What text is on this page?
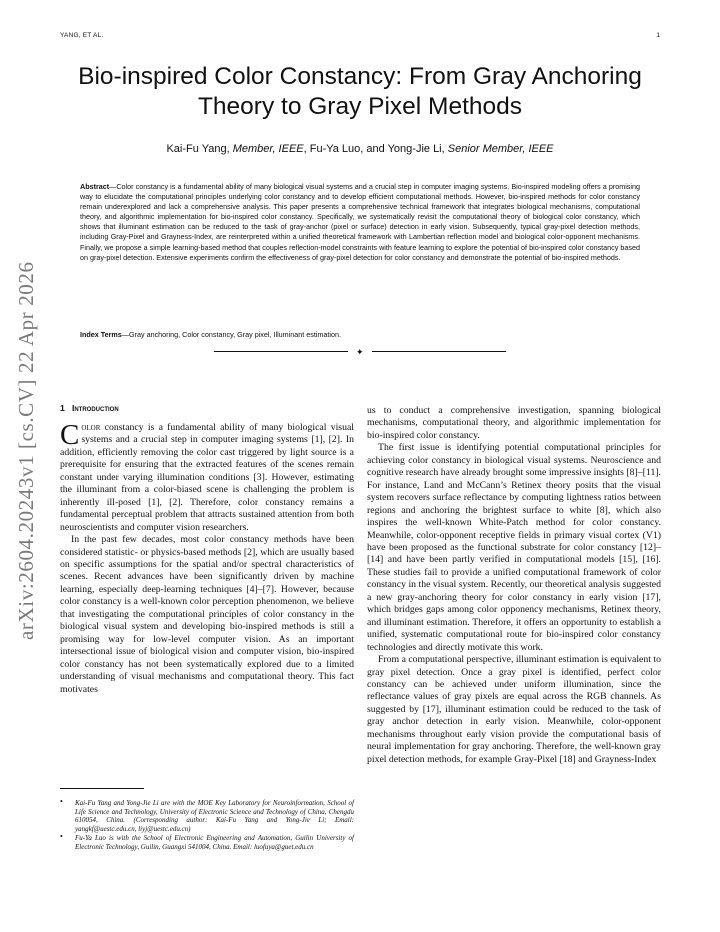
YANG, ET AL.	1
arXiv:2604.20243v1 [cs.CV] 22 Apr 2026
Bio-inspired Color Constancy: From Gray Anchoring Theory to Gray Pixel Methods
Kai-Fu Yang, Member, IEEE, Fu-Ya Luo, and Yong-Jie Li, Senior Member, IEEE

Abstract—Color constancy is a fundamental ability of many biological visual systems and a crucial step in computer imaging systems. Bio-inspired modeling offers a promising way to elucidate the computational principles underlying color constancy and to develop efficient computational methods. However, bio-inspired methods for color constancy remain underexplored and lack a comprehensive analysis. This paper presents a comprehensive technical framework that integrates biological mechanisms, computational theory, and algorithmic implementation for bio-inspired color constancy. Specifically, we systematically revisit the computational theory of biological color constancy, which shows that illuminant estimation can be reduced to the task of gray-anchor (pixel or surface) detection in early vision. Subsequently, typical gray-pixel detection methods, including Gray-Pixel and Grayness-Index, are reinterpreted within a unified theoretical framework with Lambertian reflection model and biological color-opponent mechanisms. Finally, we propose a simple learning-based method that couples reflection-model constraints with feature learning to explore the potential of bio-inspired color constancy based on gray-pixel detection. Extensive experiments confirm the effectiveness of gray-pixel detection for color constancy and demonstrate the potential of bio-inspired methods.

Index Terms—Gray anchoring, Color constancy, Gray pixel, Illuminant estimation.

✦
1 Introduction

Color constancy is a fundamental ability of many biological visual systems and a crucial step in computer imaging systems [1], [2]. In addition, efficiently removing the color cast triggered by light source is a prerequisite for ensuring that the extracted features of the scenes remain constant under varying illumination conditions [3]. However, estimating the illuminant from a color-biased scene is challenging the problem is inherently ill-posed [1], [2]. Therefore, color constancy remains a fundamental perceptual problem that attracts sustained attention from both neuroscientists and computer vision researchers.

In the past few decades, most color constancy methods have been considered statistic- or physics-based methods [2], which are usually based on specific assumptions for the spatial and/or spectral characteristics of scenes. Recent advances have been significantly driven by machine learning, especially deep-learning techniques [4]–[7]. However, because color constancy is a well-known color perception phenomenon, we believe that investigating the computational principles of color constancy in the biological visual system and developing bio-inspired methods is still a promising way for low-level computer vision. As an important intersectional issue of biological vision and computer vision, bio-inspired color constancy has not been systematically explored due to a limited understanding of visual mechanisms and computational theory. This fact motivates

• Kai-Fu Yang and Yong-Jie Li are with the MOE Key Laboratory for Neuroinformation, School of Life Science and Technology, University of Electronic Science and Technology of China, Chengdu 610054, China. (Corresponding author: Kai-Fu Yang and Yong-Jie Li; Email: yangkf@uestc.edu.cn, liyj@uestc.edu.cn)
• Fu-Ya Luo is with the School of Electronic Engineering and Automation, Guilin University of Electronic Technology, Guilin, Guangxi 541004, China. Email: luofuya@guet.edu.cn

us to conduct a comprehensive investigation, spanning biological mechanisms, computational theory, and algorithmic implementation for bio-inspired color constancy.

The first issue is identifying potential computational principles for achieving color constancy in biological visual systems. Neuroscience and cognitive research have already brought some impressive insights [8]–[11]. For instance, Land and McCann’s Retinex theory posits that the visual system recovers surface reflectance by computing lightness ratios between regions and anchoring the brightest surface to white [8], which also inspires the well-known White-Patch method for color constancy. Meanwhile, color-opponent receptive fields in primary visual cortex (V1) have been proposed as the functional substrate for color constancy [12]–[14] and have been partly verified in computational models [15], [16]. These studies fail to provide a unified computational framework of color constancy in the visual system. Recently, our theoretical analysis suggested a new gray-anchoring theory for color constancy in early vision [17], which bridges gaps among color opponency mechanisms, Retinex theory, and illuminant estimation. Therefore, it offers an opportunity to establish a unified, systematic computational route for bio-inspired color constancy technologies and directly motivate this work.

From a computational perspective, illuminant estimation is equivalent to gray pixel detection. Once a gray pixel is identified, perfect color constancy can be achieved under uniform illumination, since the reflectance values of gray pixels are equal across the RGB channels. As suggested by [17], illuminant estimation could be reduced to the task of gray anchor detection in early vision. Meanwhile, color-opponent mechanisms throughout early vision provide the computational basis of neural implementation for gray anchoring. Therefore, the well-known gray pixel detection methods, for example Gray-Pixel [18] and Grayness-Index
